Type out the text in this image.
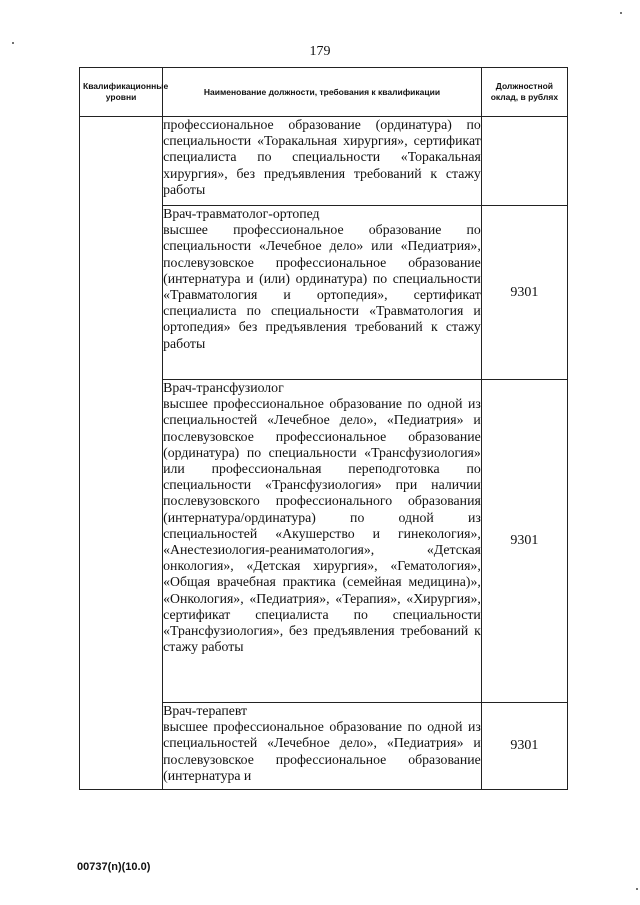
179
Квалификационные уровни	Наименование должности, требования к квалификации	Должностной оклад, в рублях

	профессиональное образование (ординатура) по специальности «Торакальная хирургия», сертификат специалиста по специальности «Торакальная хирургия», без предъявления требований к стажу работы	

	Врач-травматолог-ортопед
высшее профессиональное образование по специальности «Лечебное дело» или «Педиатрия», послевузовское профессиональное образование (интернатура и (или) ординатура) по специальности «Травматология и ортопедия», сертификат специалиста по специальности «Травматология и ортопедия» без предъявления требований к стажу работы	9301

	Врач-трансфузиолог
высшее профессиональное образование по одной из специальностей «Лечебное дело», «Педиатрия» и послевузовское профессиональное образование (ординатура) по специальности «Трансфузиология» или профессиональная переподготовка по специальности «Трансфузиология» при наличии послевузовского профессионального образования (интернатура/ординатура) по одной из специальностей «Акушерство и гинекология», «Анестезиология-реаниматология», «Детская онкология», «Детская хирургия», «Гематология», «Общая врачебная практика (семейная медицина)», «Онкология», «Педиатрия», «Терапия», «Хирургия», сертификат специалиста по специальности «Трансфузиология», без предъявления требований к стажу работы	9301

	Врач-терапевт
высшее профессиональное образование по одной из специальностей «Лечебное дело», «Педиатрия» и послевузовское профессиональное образование (интернатура и	9301
00737(n)(10.0)
